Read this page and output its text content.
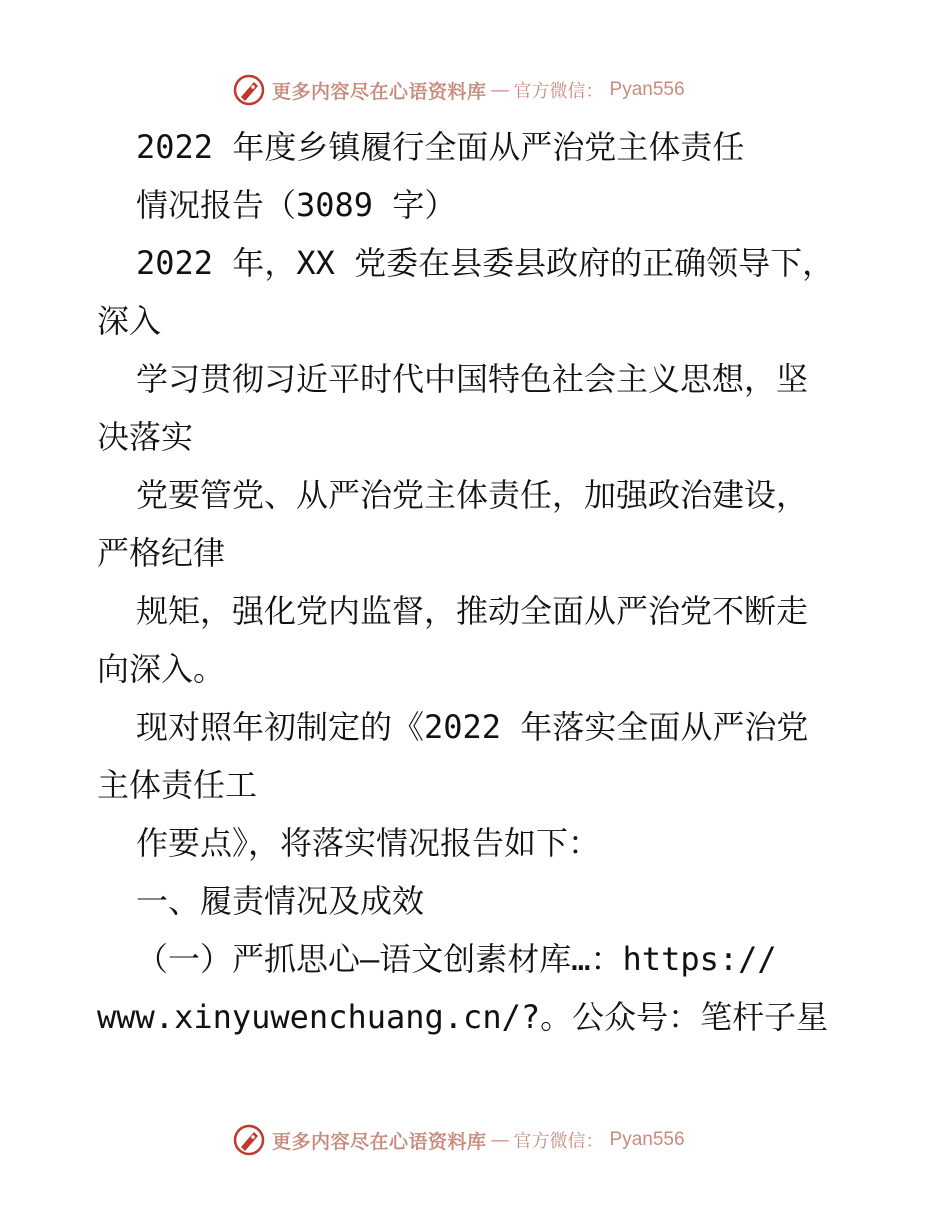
更多内容尽在心语资料库 — 官方微信： Pyan556
2022 年度乡镇履行全面从严治党主体责任
情况报告（3089 字）
2022 年，XX 党委在县委县政府的正确领导下，
深入
学习贯彻习近平时代中国特色社会主义思想，坚
决落实
党要管党、从严治党主体责任，加强政治建设，
严格纪律
规矩，强化党内监督，推动全面从严治党不断走
向深入。
现对照年初制定的《2022 年落实全面从严治党
主体责任工
作要点》，将落实情况报告如下：
一、履责情况及成效
（一）严抓思心—语文创素材库…：https://
www.xinyuwenchuang.cn/?。公众号：笔杆子星
更多内容尽在心语资料库 — 官方微信： Pyan556
